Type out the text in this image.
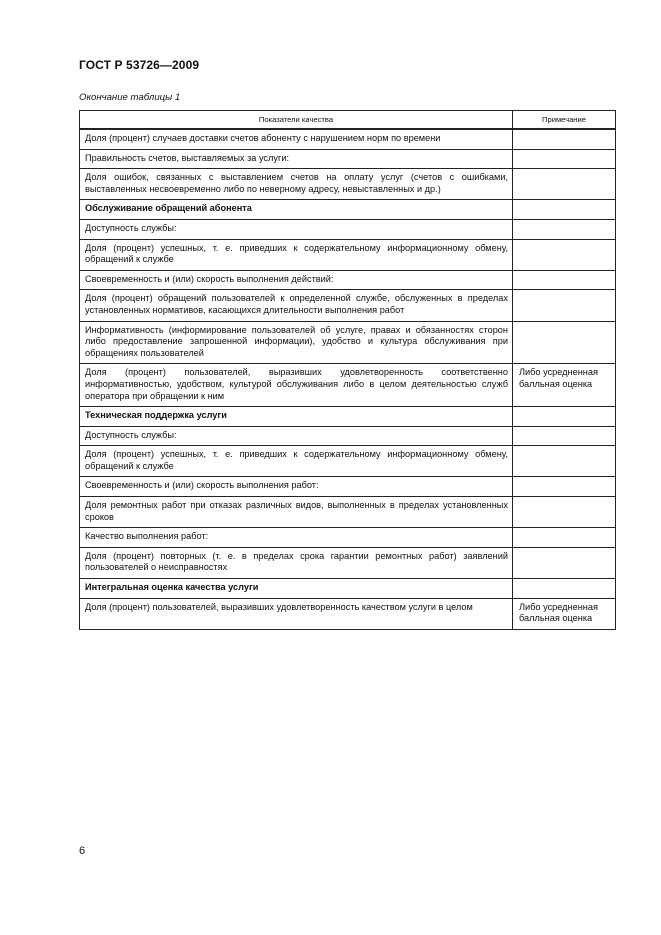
ГОСТ Р 53726—2009
Окончание таблицы 1
Показатели качества	Примечание
Доля (процент) случаев доставки счетов абоненту с нарушением норм по времени	
Правильность счетов, выставляемых за услуги:	
Доля ошибок, связанных с выставлением счетов на оплату услуг (счетов с ошибками, выставленных несвоевременно либо по неверному адресу, невыставленных и др.)	
Обслуживание обращений абонента	
Доступность службы:	
Доля (процент) успешных, т. е. приведших к содержательному информационному обмену, обращений к службе	
Своевременность и (или) скорость выполнения действий:	
Доля (процент) обращений пользователей к определенной службе, обслуженных в пределах установленных нормативов, касающихся длительности выполнения работ	
Информативность (информирование пользователей об услуге, правах и обязанностях сторон либо предоставление запрошенной информации), удобство и культура обслуживания при обращениях пользователей	
Доля (процент) пользователей, выразивших удовлетворенность соответственно информативностью, удобством, культурой обслуживания либо в целом деятельностью служб оператора при обращении к ним	Либо усредненная балльная оценка
Техническая поддержка услуги	
Доступность службы:	
Доля (процент) успешных, т. е. приведших к содержательному информационному обмену, обращений к службе	
Своевременность и (или) скорость выполнения работ:	
Доля ремонтных работ при отказах различных видов, выполненных в пределах установленных сроков	
Качество выполнения работ:	
Доля (процент) повторных (т. е. в пределах срока гарантии ремонтных работ) заявлений пользователей о неисправностях	
Интегральная оценка качества услуги	
Доля (процент) пользователей, выразивших удовлетворенность качеством услуги в целом	Либо усредненная балльная оценка
6
